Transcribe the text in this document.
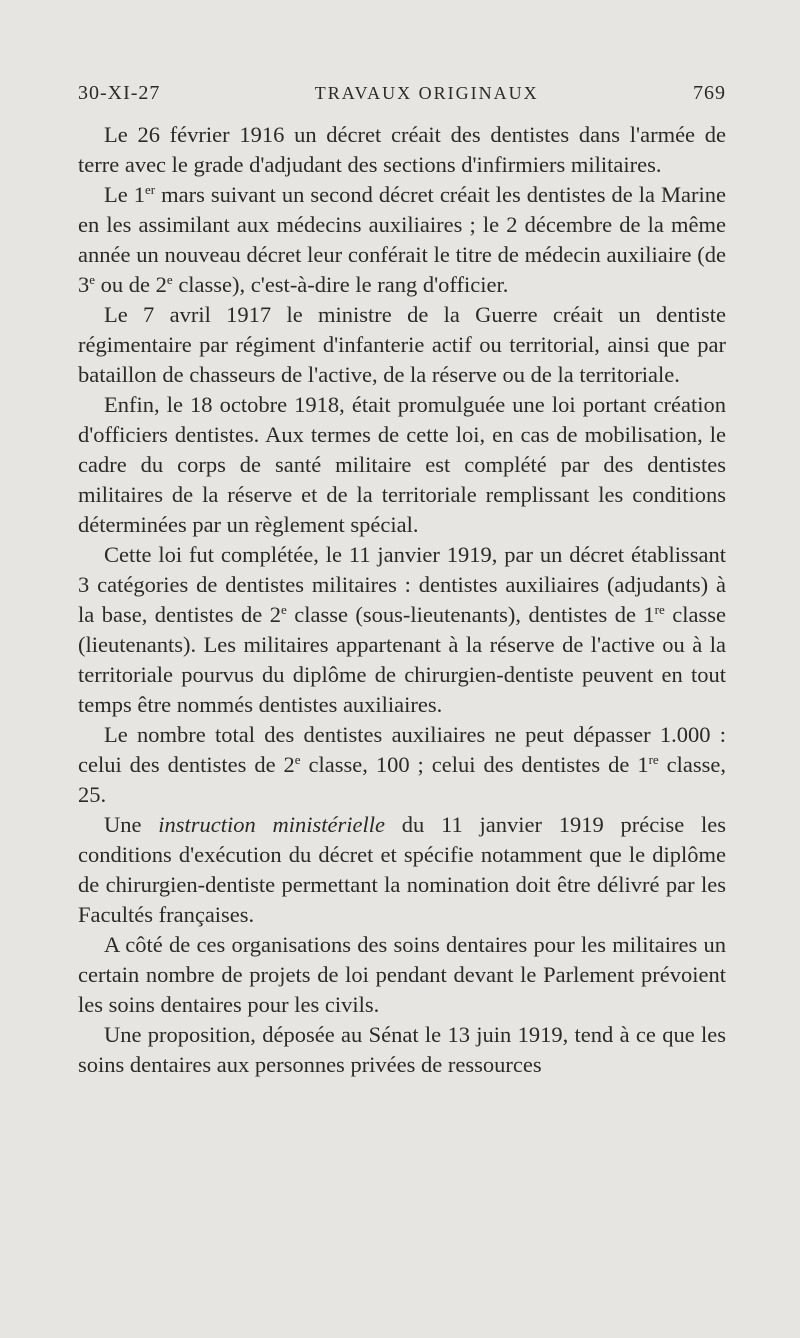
30-XI-27	TRAVAUX ORIGINAUX	769

Le 26 février 1916 un décret créait des dentistes dans l'armée de terre avec le grade d'adjudant des sections d'infirmiers militaires.

Le 1er mars suivant un second décret créait les dentistes de la Marine en les assimilant aux médecins auxiliaires ; le 2 décembre de la même année un nouveau décret leur conférait le titre de médecin auxiliaire (de 3e ou de 2e classe), c'est-à-dire le rang d'officier.

Le 7 avril 1917 le ministre de la Guerre créait un dentiste régimentaire par régiment d'infanterie actif ou territorial, ainsi que par bataillon de chasseurs de l'active, de la réserve ou de la territoriale.

Enfin, le 18 octobre 1918, était promulguée une loi portant création d'officiers dentistes. Aux termes de cette loi, en cas de mobilisation, le cadre du corps de santé militaire est complété par des dentistes militaires de la réserve et de la territoriale remplissant les conditions déterminées par un règlement spécial.

Cette loi fut complétée, le 11 janvier 1919, par un décret établissant 3 catégories de dentistes militaires : dentistes auxiliaires (adjudants) à la base, dentistes de 2e classe (sous-lieutenants), dentistes de 1re classe (lieutenants). Les militaires appartenant à la réserve de l'active ou à la territoriale pourvus du diplôme de chirurgien-dentiste peuvent en tout temps être nommés dentistes auxiliaires.

Le nombre total des dentistes auxiliaires ne peut dépasser 1.000 : celui des dentistes de 2e classe, 100 ; celui des dentistes de 1re classe, 25.

Une instruction ministérielle du 11 janvier 1919 précise les conditions d'exécution du décret et spécifie notamment que le diplôme de chirurgien-dentiste permettant la nomination doit être délivré par les Facultés françaises.

A côté de ces organisations des soins dentaires pour les militaires un certain nombre de projets de loi pendant devant le Parlement prévoient les soins dentaires pour les civils.

Une proposition, déposée au Sénat le 13 juin 1919, tend à ce que les soins dentaires aux personnes privées de ressources
